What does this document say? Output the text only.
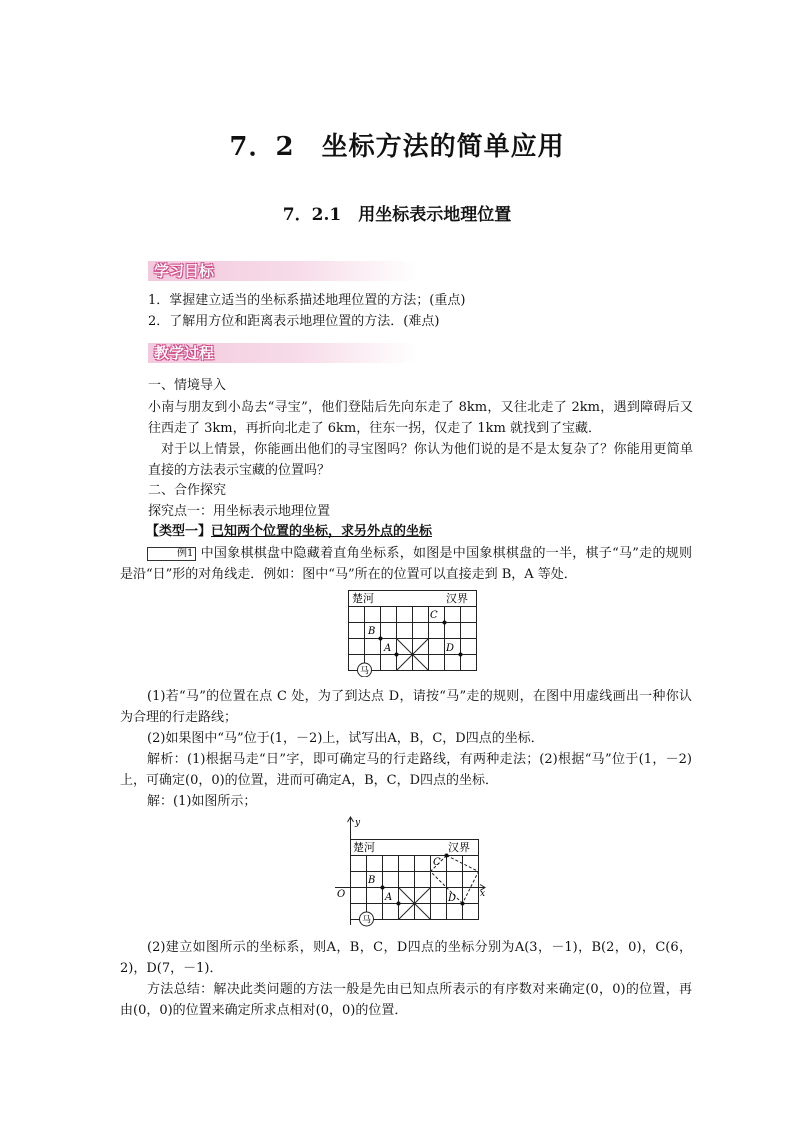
7．2　坐标方法的简单应用
7．2.1　用坐标表示地理位置
学习目标
1．掌握建立适当的坐标系描述地理位置的方法；(重点)
2．了解用方位和距离表示地理位置的方法．(难点)
教学过程
一、情境导入
小南与朋友到小岛去“寻宝”，他们登陆后先向东走了 8km，又往北走了 2km，遇到障碍后又往西走了 3km，再折向北走了 6km，往东一拐，仅走了 1km 就找到了宝藏．
对于以上情景，你能画出他们的寻宝图吗？你认为他们说的是不是太复杂了？你能用更简单直接的方法表示宝藏的位置吗？
二、合作探究
探究点一：用坐标表示地理位置
【类型一】已知两个位置的坐标，求另外点的坐标
例1 中国象棋棋盘中隐藏着直角坐标系，如图是中国象棋棋盘的一半，棋子“马”走的规则是沿“日”形的对角线走．例如：图中“马”所在的位置可以直接走到 B，A 等处．
楚河	汉界
马
A
B
C
D
(1)若“马”的位置在点 C 处，为了到达点 D，请按“马”走的规则，在图中用虚线画出一种你认为合理的行走路线；
(2)如果图中“马”位于(1，－2)上，试写出A，B，C，D四点的坐标．
解析：(1)根据马走“日”字，即可确定马的行走路线，有两种走法；(2)根据“马”位于(1，－2)上，可确定(0，0)的位置，进而可确定A，B，C，D四点的坐标．
解：(1)如图所示；
楚河	汉界
y
x
O
马
A
B
C
D
(2)建立如图所示的坐标系，则A，B，C，D四点的坐标分别为A(3，－1)，B(2，0)，C(6，2)，D(7，－1)．
方法总结：解决此类问题的方法一般是先由已知点所表示的有序数对来确定(0，0)的位置，再由(0，0)的位置来确定所求点相对(0，0)的位置．
